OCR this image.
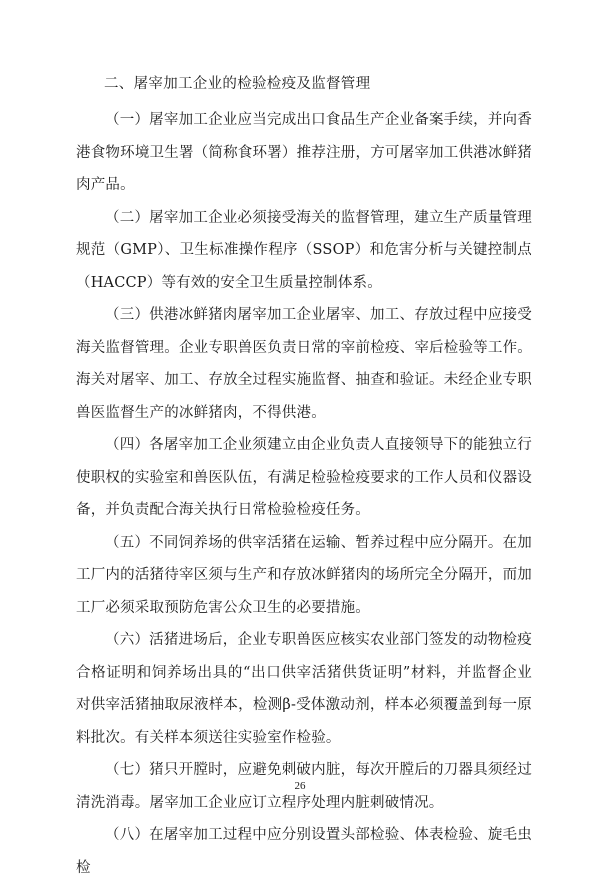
二、屠宰加工企业的检验检疫及监督管理

（一）屠宰加工企业应当完成出口食品生产企业备案手续，并向香港食物环境卫生署（简称食环署）推荐注册，方可屠宰加工供港冰鲜猪肉产品。

（二）屠宰加工企业必须接受海关的监督管理，建立生产质量管理规范（GMP）、卫生标准操作程序（SSOP）和危害分析与关键控制点（HACCP）等有效的安全卫生质量控制体系。

（三）供港冰鲜猪肉屠宰加工企业屠宰、加工、存放过程中应接受海关监督管理。企业专职兽医负责日常的宰前检疫、宰后检验等工作。海关对屠宰、加工、存放全过程实施监督、抽查和验证。未经企业专职兽医监督生产的冰鲜猪肉，不得供港。

（四）各屠宰加工企业须建立由企业负责人直接领导下的能独立行使职权的实验室和兽医队伍，有满足检验检疫要求的工作人员和仪器设备，并负责配合海关执行日常检验检疫任务。

（五）不同饲养场的供宰活猪在运输、暂养过程中应分隔开。在加工厂内的活猪待宰区须与生产和存放冰鲜猪肉的场所完全分隔开，而加工厂必须采取预防危害公众卫生的必要措施。

（六）活猪进场后，企业专职兽医应核实农业部门签发的动物检疫合格证明和饲养场出具的“出口供宰活猪供货证明”材料，并监督企业对供宰活猪抽取尿液样本，检测β-受体激动剂，样本必须覆盖到每一原料批次。有关样本须送往实验室作检验。

（七）猪只开膛时，应避免刺破内脏，每次开膛后的刀器具须经过清洗消毒。屠宰加工企业应订立程序处理内脏刺破情况。

（八）在屠宰加工过程中应分别设置头部检验、体表检验、旋毛虫检

26
